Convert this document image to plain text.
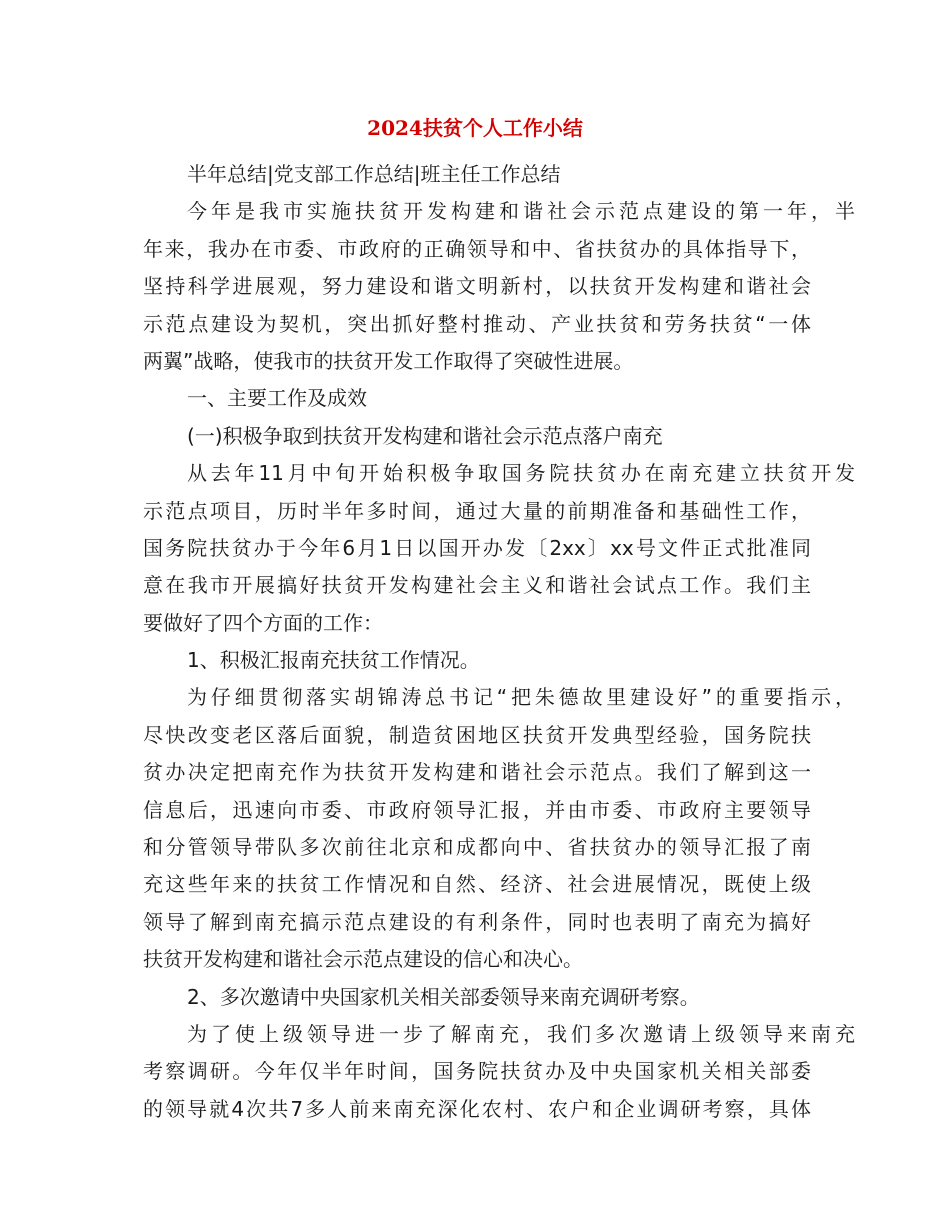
2024扶贫个人工作小结
半年总结|党支部工作总结|班主任工作总结
今年是我市实施扶贫开发构建和谐社会示范点建设的第一年，半
年来，我办在市委、市政府的正确领导和中、省扶贫办的具体指导下，
坚持科学进展观，努力建设和谐文明新村，以扶贫开发构建和谐社会
示范点建设为契机，突出抓好整村推动、产业扶贫和劳务扶贫“一体
两翼”战略，使我市的扶贫开发工作取得了突破性进展。
一、主要工作及成效
(一)积极争取到扶贫开发构建和谐社会示范点落户南充
从去年11月中旬开始积极争取国务院扶贫办在南充建立扶贫开发
示范点项目，历时半年多时间，通过大量的前期准备和基础性工作，
国务院扶贫办于今年6月1日以国开办发〔2xx〕xx号文件正式批准同
意在我市开展搞好扶贫开发构建社会主义和谐社会试点工作。我们主
要做好了四个方面的工作：
1、积极汇报南充扶贫工作情况。
为仔细贯彻落实胡锦涛总书记“把朱德故里建设好”的重要指示，
尽快改变老区落后面貌，制造贫困地区扶贫开发典型经验，国务院扶
贫办决定把南充作为扶贫开发构建和谐社会示范点。我们了解到这一
信息后，迅速向市委、市政府领导汇报，并由市委、市政府主要领导
和分管领导带队多次前往北京和成都向中、省扶贫办的领导汇报了南
充这些年来的扶贫工作情况和自然、经济、社会进展情况，既使上级
领导了解到南充搞示范点建设的有利条件，同时也表明了南充为搞好
扶贫开发构建和谐社会示范点建设的信心和决心。
2、多次邀请中央国家机关相关部委领导来南充调研考察。
为了使上级领导进一步了解南充，我们多次邀请上级领导来南充
考察调研。今年仅半年时间，国务院扶贫办及中央国家机关相关部委
的领导就4次共7多人前来南充深化农村、农户和企业调研考察，具体
